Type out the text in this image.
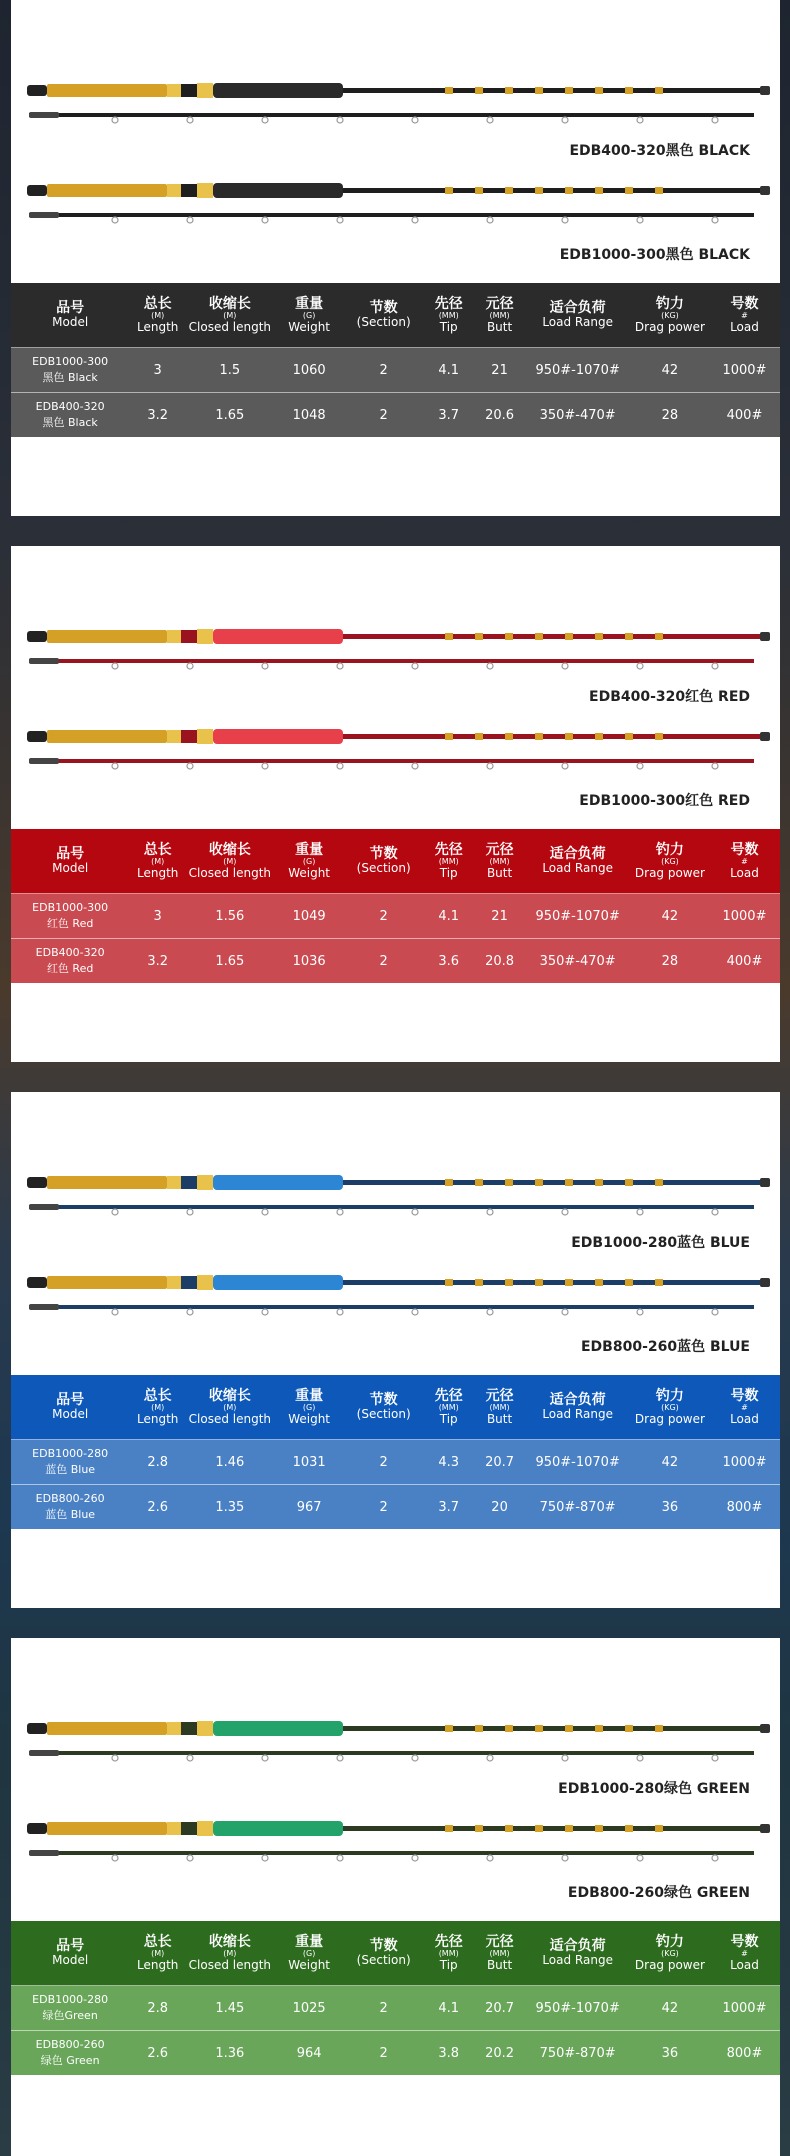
EDB400-320黑色 BLACK
EDB1000-300黑色 BLACK
品号
Model	总长
(M)
Length	收缩长
(M)
Closed length	重量
(G)
Weight	节数
(Section)	先径
(MM)
Tip	元径
(MM)
Butt	适合负荷
Load Range	钓力
(KG)
Drag power	号数
#
Load

EDB1000-300
黑色 Black	3	1.5	1060	2	4.1	21	950#-1070#	42	1000#

EDB400-320
黑色 Black	3.2	1.65	1048	2	3.7	20.6	350#-470#	28	400#
EDB400-320红色 RED
EDB1000-300红色 RED
品号
Model	总长
(M)
Length	收缩长
(M)
Closed length	重量
(G)
Weight	节数
(Section)	先径
(MM)
Tip	元径
(MM)
Butt	适合负荷
Load Range	钓力
(KG)
Drag power	号数
#
Load

EDB1000-300
红色 Red	3	1.56	1049	2	4.1	21	950#-1070#	42	1000#

EDB400-320
红色 Red	3.2	1.65	1036	2	3.6	20.8	350#-470#	28	400#
EDB1000-280蓝色 BLUE
EDB800-260蓝色 BLUE
品号
Model	总长
(M)
Length	收缩长
(M)
Closed length	重量
(G)
Weight	节数
(Section)	先径
(MM)
Tip	元径
(MM)
Butt	适合负荷
Load Range	钓力
(KG)
Drag power	号数
#
Load

EDB1000-280
蓝色 Blue	2.8	1.46	1031	2	4.3	20.7	950#-1070#	42	1000#

EDB800-260
蓝色 Blue	2.6	1.35	967	2	3.7	20	750#-870#	36	800#
EDB1000-280绿色 GREEN
EDB800-260绿色 GREEN
品号
Model	总长
(M)
Length	收缩长
(M)
Closed length	重量
(G)
Weight	节数
(Section)	先径
(MM)
Tip	元径
(MM)
Butt	适合负荷
Load Range	钓力
(KG)
Drag power	号数
#
Load

EDB1000-280
绿色Green	2.8	1.45	1025	2	4.1	20.7	950#-1070#	42	1000#

EDB800-260
绿色 Green	2.6	1.36	964	2	3.8	20.2	750#-870#	36	800#
